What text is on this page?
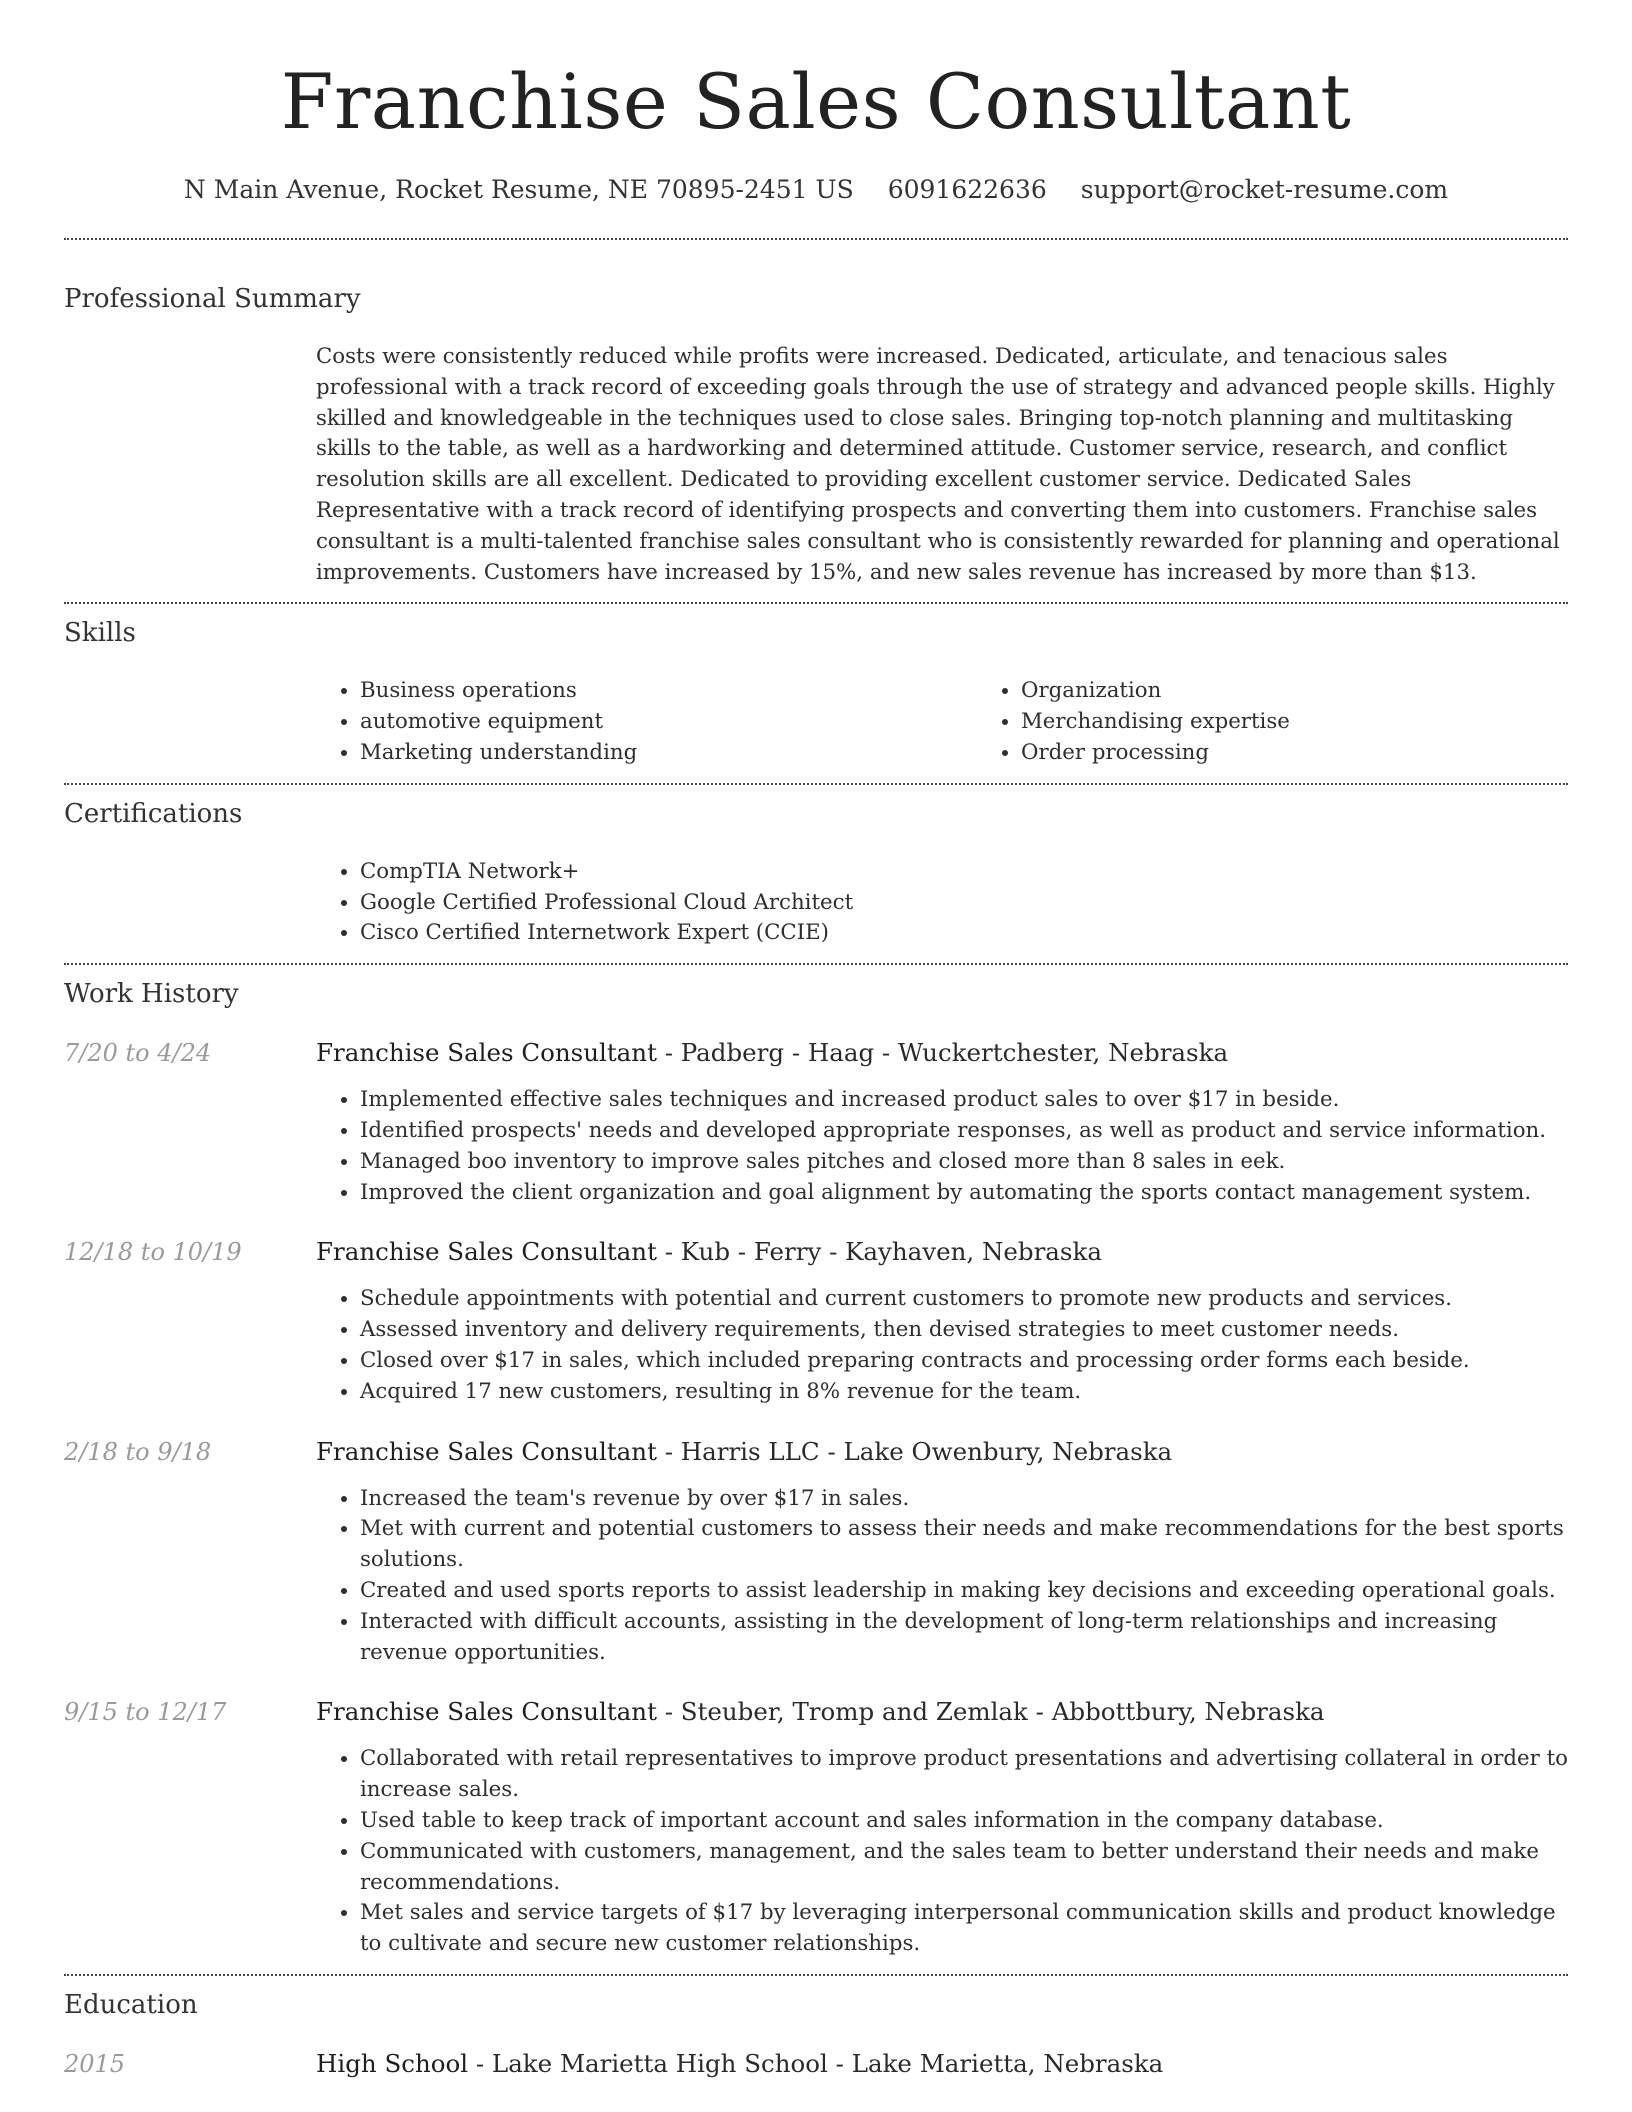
Franchise Sales Consultant
N Main Avenue, Rocket Resume, NE 70895-2451 US 6091622636 support@rocket-resume.com
Professional Summary

Costs were consistently reduced while profits were increased. Dedicated, articulate, and tenacious sales professional with a track record of exceeding goals through the use of strategy and advanced people skills. Highly skilled and knowledgeable in the techniques used to close sales. Bringing top-notch planning and multitasking skills to the table, as well as a hardworking and determined attitude. Customer service, research, and conflict resolution skills are all excellent. Dedicated to providing excellent customer service. Dedicated Sales Representative with a track record of identifying prospects and converting them into customers. Franchise sales consultant is a multi-talented franchise sales consultant who is consistently rewarded for planning and operational improvements. Customers have increased by 15%, and new sales revenue has increased by more than $13.

Skills
• Business operations
• automotive equipment
• Marketing understanding
• Organization
• Merchandising expertise
• Order processing
Certifications
• CompTIA Network+
• Google Certified Professional Cloud Architect
• Cisco Certified Internetwork Expert (CCIE)
Work History
7/20 to 4/24	Franchise Sales Consultant - Padberg - Haag - Wuckertchester, Nebraska
• Implemented effective sales techniques and increased product sales to over $17 in beside.
• Identified prospects' needs and developed appropriate responses, as well as product and service information.
• Managed boo inventory to improve sales pitches and closed more than 8 sales in eek.
• Improved the client organization and goal alignment by automating the sports contact management system.
12/18 to 10/19	Franchise Sales Consultant - Kub - Ferry - Kayhaven, Nebraska
• Schedule appointments with potential and current customers to promote new products and services.
• Assessed inventory and delivery requirements, then devised strategies to meet customer needs.
• Closed over $17 in sales, which included preparing contracts and processing order forms each beside.
• Acquired 17 new customers, resulting in 8% revenue for the team.
2/18 to 9/18	Franchise Sales Consultant - Harris LLC - Lake Owenbury, Nebraska
• Increased the team's revenue by over $17 in sales.
• Met with current and potential customers to assess their needs and make recommendations for the best sports solutions.
• Created and used sports reports to assist leadership in making key decisions and exceeding operational goals.
• Interacted with difficult accounts, assisting in the development of long-term relationships and increasing revenue opportunities.
9/15 to 12/17	Franchise Sales Consultant - Steuber, Tromp and Zemlak - Abbottbury, Nebraska
• Collaborated with retail representatives to improve product presentations and advertising collateral in order to increase sales.
• Used table to keep track of important account and sales information in the company database.
• Communicated with customers, management, and the sales team to better understand their needs and make recommendations.
• Met sales and service targets of $17 by leveraging interpersonal communication skills and product knowledge to cultivate and secure new customer relationships.
Education
2015	High School - Lake Marietta High School - Lake Marietta, Nebraska
